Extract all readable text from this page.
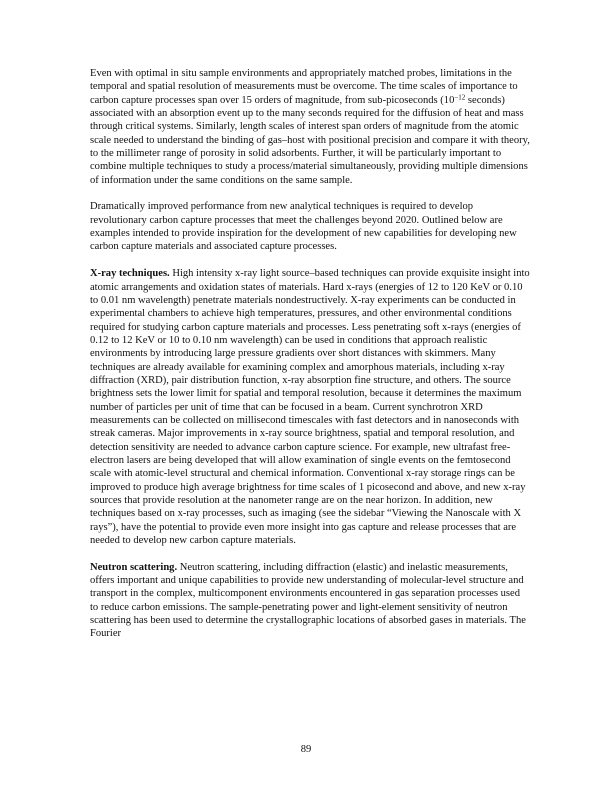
Even with optimal in situ sample environments and appropriately matched probes, limitations in the temporal and spatial resolution of measurements must be overcome. The time scales of importance to carbon capture processes span over 15 orders of magnitude, from sub-picoseconds ($10^{-12}$ seconds) associated with an absorption event up to the many seconds required for the diffusion of heat and mass through critical systems. Similarly, length scales of interest span orders of magnitude from the atomic scale needed to understand the binding of gas–host with positional precision and compare it with theory, to the millimeter range of porosity in solid adsorbents. Further, it will be particularly important to combine multiple techniques to study a process/material simultaneously, providing multiple dimensions of information under the same conditions on the same sample.

Dramatically improved performance from new analytical techniques is required to develop revolutionary carbon capture processes that meet the challenges beyond 2020. Outlined below are examples intended to provide inspiration for the development of new capabilities for developing new carbon capture materials and associated capture processes.

X-ray techniques. High intensity x-ray light source–based techniques can provide exquisite insight into atomic arrangements and oxidation states of materials. Hard x-rays (energies of 12 to 120 KeV or 0.10 to 0.01 nm wavelength) penetrate materials nondestructively. X-ray experiments can be conducted in experimental chambers to achieve high temperatures, pressures, and other environmental conditions required for studying carbon capture materials and processes. Less penetrating soft x-rays (energies of 0.12 to 12 KeV or 10 to 0.10 nm wavelength) can be used in conditions that approach realistic environments by introducing large pressure gradients over short distances with skimmers. Many techniques are already available for examining complex and amorphous materials, including x-ray diffraction (XRD), pair distribution function, x-ray absorption fine structure, and others. The source brightness sets the lower limit for spatial and temporal resolution, because it determines the maximum number of particles per unit of time that can be focused in a beam. Current synchrotron XRD measurements can be collected on millisecond timescales with fast detectors and in nanoseconds with streak cameras. Major improvements in x-ray source brightness, spatial and temporal resolution, and detection sensitivity are needed to advance carbon capture science. For example, new ultrafast free-electron lasers are being developed that will allow examination of single events on the femtosecond scale with atomic-level structural and chemical information. Conventional x-ray storage rings can be improved to produce high average brightness for time scales of 1 picosecond and above, and new x-ray sources that provide resolution at the nanometer range are on the near horizon. In addition, new techniques based on x-ray processes, such as imaging (see the sidebar “Viewing the Nanoscale with X rays”), have the potential to provide even more insight into gas capture and release processes that are needed to develop new carbon capture materials.

Neutron scattering. Neutron scattering, including diffraction (elastic) and inelastic measurements, offers important and unique capabilities to provide new understanding of molecular-level structure and transport in the complex, multicomponent environments encountered in gas separation processes used to reduce carbon emissions. The sample-penetrating power and light-element sensitivity of neutron scattering has been used to determine the crystallographic locations of absorbed gases in materials. The Fourier

89
